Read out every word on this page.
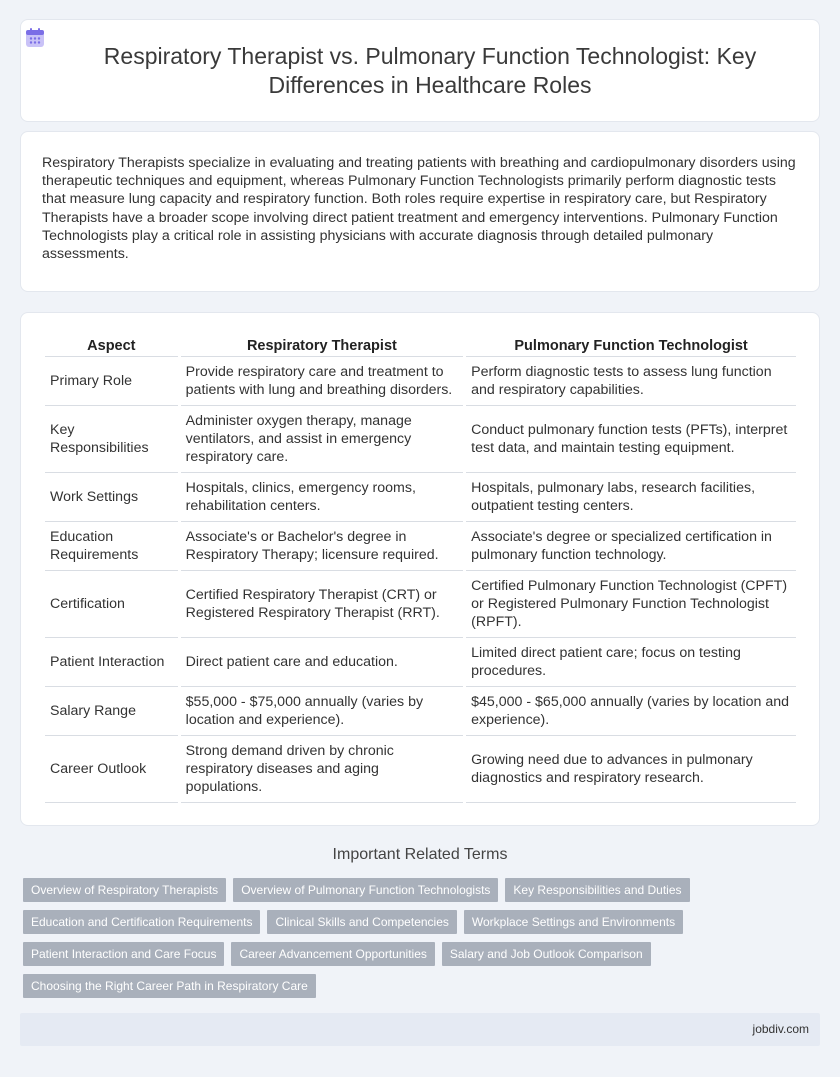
Respiratory Therapist vs. Pulmonary Function Technologist: Key Differences in Healthcare Roles

Respiratory Therapists specialize in evaluating and treating patients with breathing and cardiopulmonary disorders using therapeutic techniques and equipment, whereas Pulmonary Function Technologists primarily perform diagnostic tests that measure lung capacity and respiratory function. Both roles require expertise in respiratory care, but Respiratory Therapists have a broader scope involving direct patient treatment and emergency interventions. Pulmonary Function Technologists play a critical role in assisting physicians with accurate diagnosis through detailed pulmonary assessments.

Aspect	Respiratory Therapist	Pulmonary Function Technologist
Primary Role	Provide respiratory care and treatment to patients with lung and breathing disorders.	Perform diagnostic tests to assess lung function and respiratory capabilities.
Key Responsibilities	Administer oxygen therapy, manage ventilators, and assist in emergency respiratory care.	Conduct pulmonary function tests (PFTs), interpret test data, and maintain testing equipment.
Work Settings	Hospitals, clinics, emergency rooms, rehabilitation centers.	Hospitals, pulmonary labs, research facilities, outpatient testing centers.
Education Requirements	Associate's or Bachelor's degree in Respiratory Therapy; licensure required.	Associate's degree or specialized certification in pulmonary function technology.
Certification	Certified Respiratory Therapist (CRT) or Registered Respiratory Therapist (RRT).	Certified Pulmonary Function Technologist (CPFT) or Registered Pulmonary Function Technologist (RPFT).
Patient Interaction	Direct patient care and education.	Limited direct patient care; focus on testing procedures.
Salary Range	$55,000 - $75,000 annually (varies by location and experience).	$45,000 - $65,000 annually (varies by location and experience).
Career Outlook	Strong demand driven by chronic respiratory diseases and aging populations.	Growing need due to advances in pulmonary diagnostics and respiratory research.
Important Related Terms
Overview of Respiratory Therapists	Overview of Pulmonary Function Technologists	Key Responsibilities and Duties
Education and Certification Requirements	Clinical Skills and Competencies	Workplace Settings and Environments
Patient Interaction and Care Focus	Career Advancement Opportunities	Salary and Job Outlook Comparison
Choosing the Right Career Path in Respiratory Care
jobdiv.com
